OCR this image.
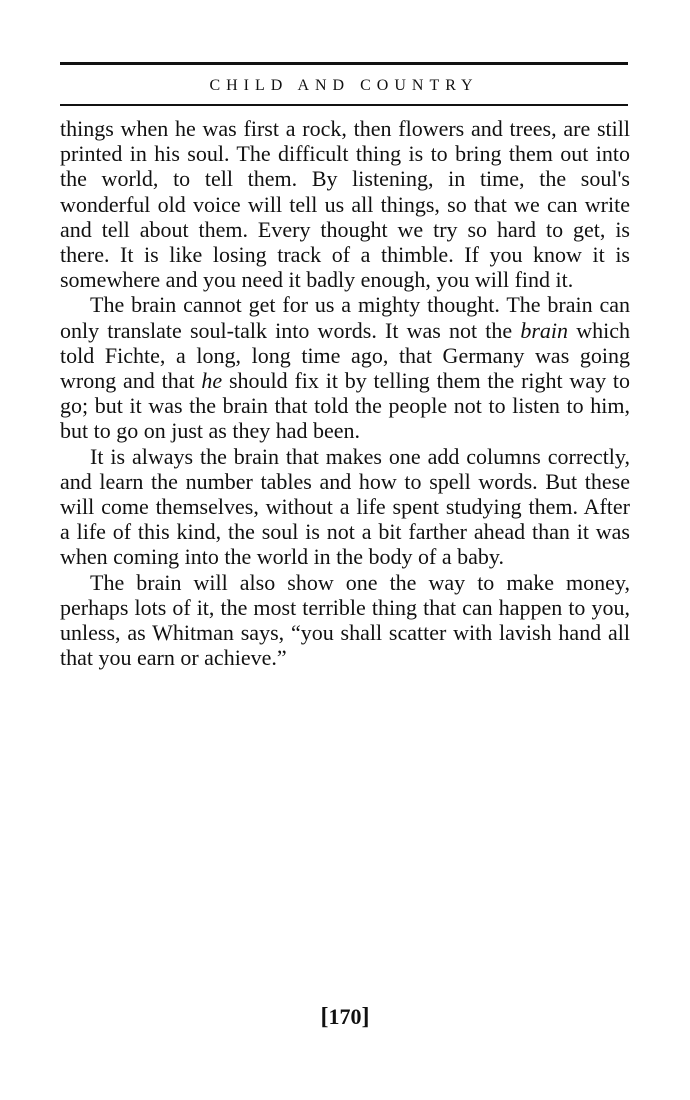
CHILD AND COUNTRY

things when he was first a rock, then flowers and trees, are still printed in his soul. The difficult thing is to bring them out into the world, to tell them. By listening, in time, the soul's wonderful old voice will tell us all things, so that we can write and tell about them. Every thought we try so hard to get, is there. It is like losing track of a thimble. If you know it is somewhere and you need it badly enough, you will find it.

The brain cannot get for us a mighty thought. The brain can only translate soul-talk into words. It was not the brain which told Fichte, a long, long time ago, that Germany was going wrong and that he should fix it by telling them the right way to go; but it was the brain that told the people not to listen to him, but to go on just as they had been.

It is always the brain that makes one add columns correctly, and learn the number tables and how to spell words. But these will come themselves, without a life spent studying them. After a life of this kind, the soul is not a bit farther ahead than it was when coming into the world in the body of a baby.

The brain will also show one the way to make money, perhaps lots of it, the most terrible thing that can happen to you, unless, as Whitman says, “you shall scatter with lavish hand all that you earn or achieve.”

[170]
